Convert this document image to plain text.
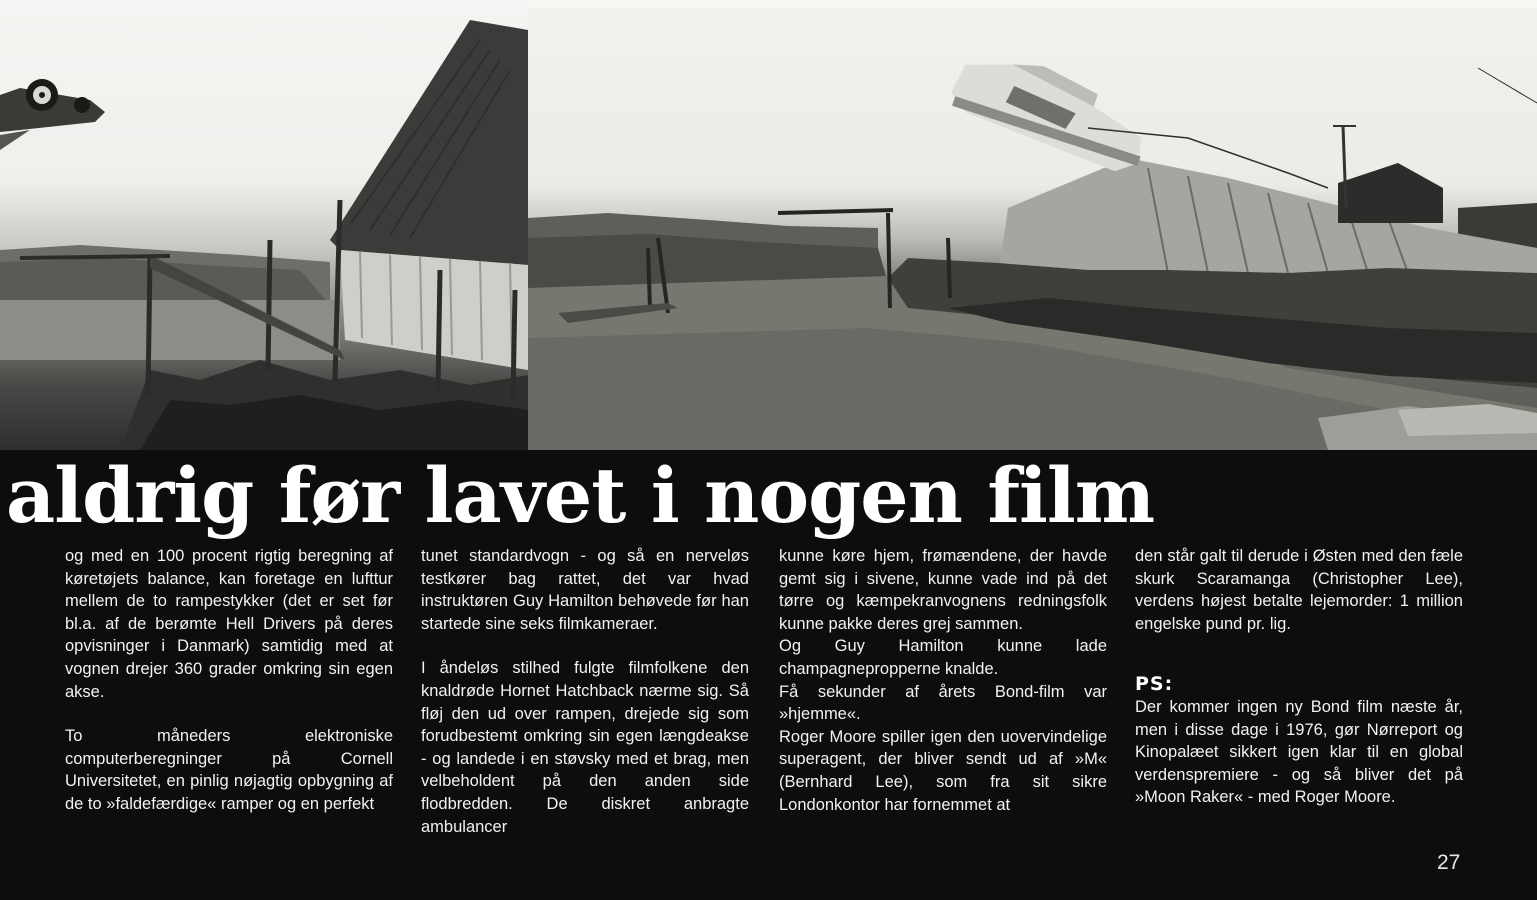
aldrig før lavet i nogen film

og med en 100 procent rigtig beregning af køretøjets balance, kan foretage en lufttur mellem de to rampestykker (det er set før bl.a. af de berømte Hell Drivers på deres opvisninger i Danmark) samtidig med at vognen drejer 360 grader omkring sin egen akse.

To måneders elektroniske computerberegninger på Cornell Universitetet, en pinlig nøjagtig opbygning af de to »faldefærdige« ramper og en perfekt

tunet standardvogn - og så en nerveløs testkører bag rattet, det var hvad instruktøren Guy Hamilton behøvede før han startede sine seks filmkameraer.

I åndeløs stilhed fulgte filmfolkene den knaldrøde Hornet Hatchback nærme sig. Så fløj den ud over rampen, drejede sig som forudbestemt omkring sin egen længdeakse - og landede i en støvsky med et brag, men velbeholdent på den anden side flodbredden. De diskret anbragte ambulancer

kunne køre hjem, frømændene, der havde gemt sig i sivene, kunne vade ind på det tørre og kæmpekranvognens redningsfolk kunne pakke deres grej sammen.

Og Guy Hamilton kunne lade champagnepropperne knalde.

Få sekunder af årets Bond-film var »hjemme«.

Roger Moore spiller igen den uovervindelige superagent, der bliver sendt ud af »M« (Bernhard Lee), som fra sit sikre Londonkontor har fornemmet at

den står galt til derude i Østen med den fæle skurk Scaramanga (Christopher Lee), verdens højest betalte lejemorder: 1 million engelske pund pr. lig.

PS:

Der kommer ingen ny Bond film næste år, men i disse dage i 1976, gør Nørreport og Kinopalæet sikkert igen klar til en global verdenspremiere - og så bliver det på »Moon Raker« - med Roger Moore.

27
